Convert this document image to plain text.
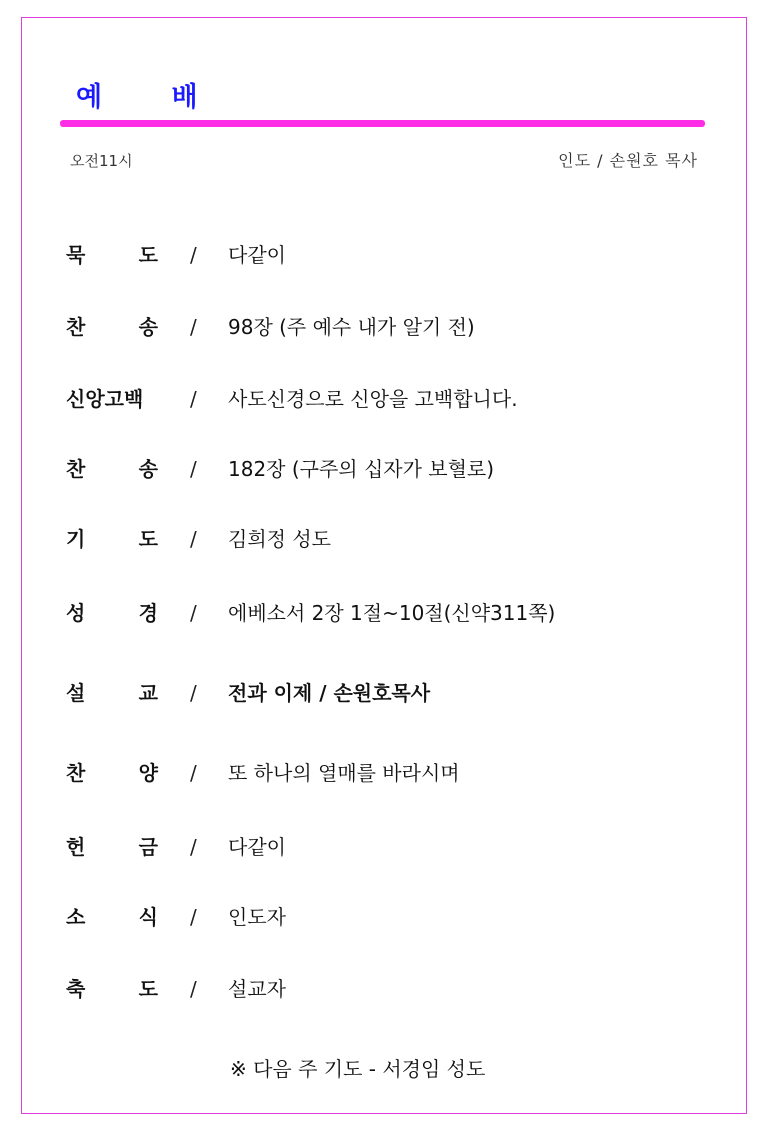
예 배
오전11시	인도 / 손원호 목사
묵	도 / 다같이
찬	송 / 98장 (주 예수 내가 알기 전)
신앙고백 / 사도신경으로 신앙을 고백합니다.
찬	송 / 182장 (구주의 십자가 보혈로)
기	도 / 김희정 성도
성	경 / 에베소서 2장 1절~10절(신약311쪽)
설	교 / 전과 이제 / 손원호목사
찬	양 / 또 하나의 열매를 바라시며
헌	금 / 다같이
소	식 / 인도자
축	도 / 설교자
※ 다음 주 기도 - 서경임 성도
